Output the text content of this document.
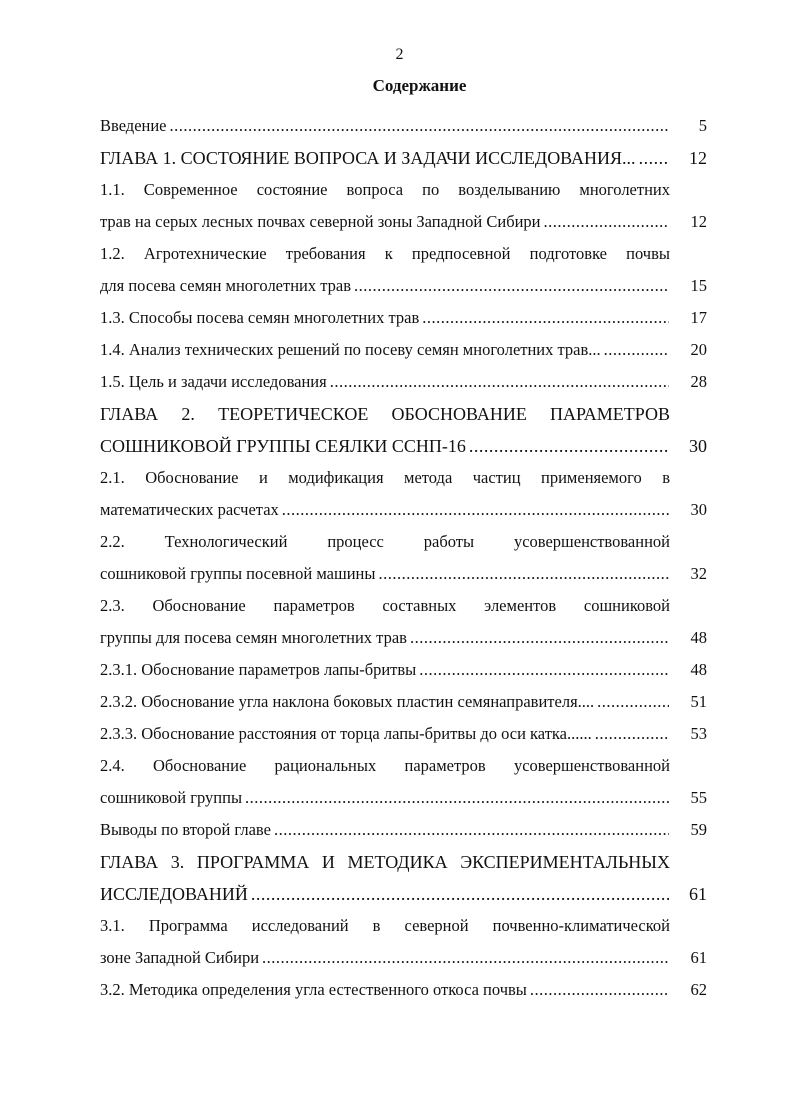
2
Содержание
Введение .....	5
ГЛАВА 1. СОСТОЯНИЕ ВОПРОСА И ЗАДАЧИ ИССЛЕДОВАНИЯ... .....	12
1.1. Современное состояние вопроса по возделыванию многолетних
трав на серых лесных почвах северной зоны Западной Сибири .....	12
1.2. Агротехнические требования к предпосевной подготовке почвы
для посева семян многолетних трав .....	15
1.3. Способы посева семян многолетних трав .....	17
1.4. Анализ технических решений по посеву семян многолетних трав... .....	20
1.5. Цель и задачи исследования .....	28
ГЛАВА 2. ТЕОРЕТИЧЕСКОЕ ОБОСНОВАНИЕ ПАРАМЕТРОВ
СОШНИКОВОЙ ГРУППЫ СЕЯЛКИ ССНП-16 .....	30
2.1. Обоснование и модификация метода частиц применяемого в
математических расчетах .....	30
2.2. Технологический процесс работы усовершенствованной
сошниковой группы посевной машины .....	32
2.3. Обоснование параметров составных элементов сошниковой
группы для посева семян многолетних трав .....	48
2.3.1. Обоснование параметров лапы-бритвы .....	48
2.3.2. Обоснование угла наклона боковых пластин семянаправителя.... .....	51
2.3.3. Обоснование расстояния от торца лапы-бритвы до оси катка...... .....	53
2.4. Обоснование рациональных параметров усовершенствованной
сошниковой группы .....	55
Выводы по второй главе .....	59
ГЛАВА 3. ПРОГРАММА И МЕТОДИКА ЭКСПЕРИМЕНТАЛЬНЫХ
ИССЛЕДОВАНИЙ .....	61
3.1. Программа исследований в северной почвенно-климатической
зоне Западной Сибири .....	61
3.2. Методика определения угла естественного откоса почвы .....	62
